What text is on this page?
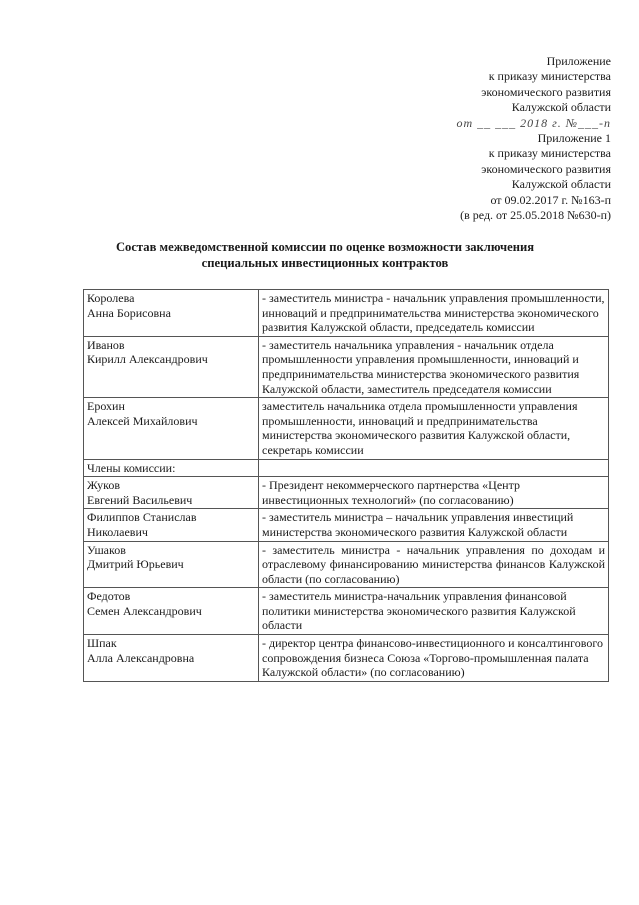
Приложение
к приказу министерства
экономического развития
Калужской области
от __ ___ 2018 г. №___-п
Приложение 1
к приказу министерства
экономического развития
Калужской области
от 09.02.2017 г. №163-п
(в ред. от 25.05.2018 №630-п)
Состав межведомственной комиссии по оценке возможности заключения
специальных инвестиционных контрактов
Королева
Анна Борисовна	- заместитель министра - начальник управления промышленности, инноваций и предпринимательства министерства экономического развития Калужской области, председатель комиссии

Иванов
Кирилл Александрович	- заместитель начальника управления - начальник отдела промышленности управления промышленности, инноваций и предпринимательства министерства экономического развития Калужской области, заместитель председателя комиссии

Ерохин
Алексей Михайлович	заместитель начальника отдела промышленности управления промышленности, инноваций и предпринимательства министерства экономического развития Калужской области, секретарь комиссии
Члены комиссии:	

Жуков
Евгений Васильевич	- Президент некоммерческого партнерства «Центр инвестиционных технологий» (по согласованию)

Филиппов Станислав
Николаевич	- заместитель министра – начальник управления инвестиций министерства экономического развития Калужской области

Ушаков
Дмитрий Юрьевич	- заместитель министра - начальник управления по доходам и отраслевому финансированию министерства финансов Калужской области (по согласованию)

Федотов
Семен Александрович	- заместитель министра-начальник управления финансовой политики министерства экономического развития Калужской области

Шпак
Алла Александровна	- директор центра финансово-инвестиционного и консалтингового сопровождения бизнеса Союза «Торгово-промышленная палата Калужской области» (по согласованию)
